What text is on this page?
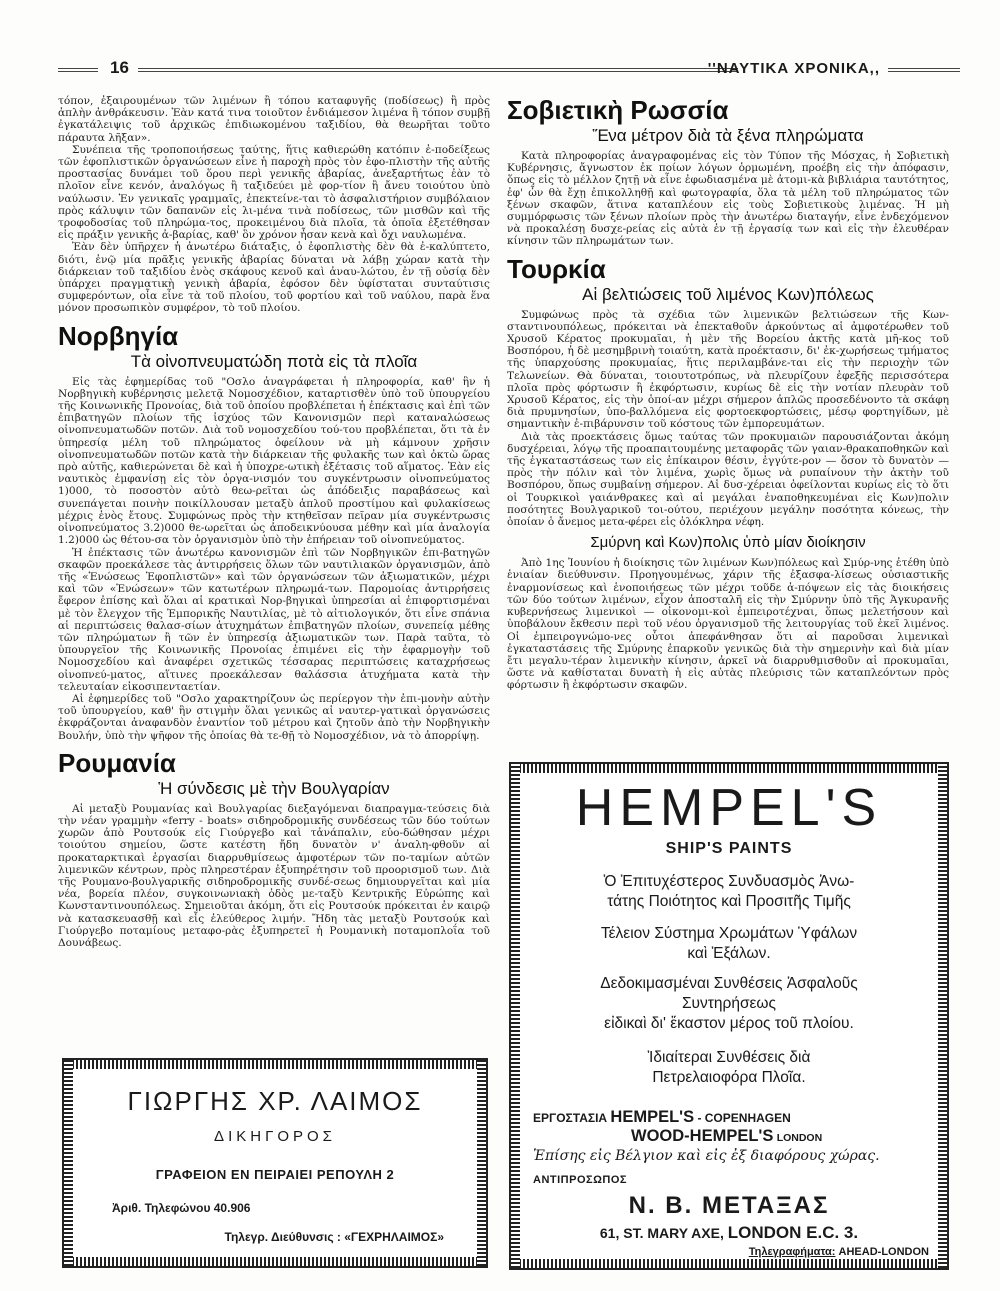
16	''ΝΑΥΤΙΚΑ ΧΡΟΝΙΚΑ,,

τόπον, ἐξαιρουμένων τῶν λιμένων ἢ τόπου καταφυγῆς (ποδίσεως) ἢ πρὸς ἀπλὴν ἀνθράκευσιν. Ἐὰν κατά τινα τοιοῦτον ἐνδιάμεσον λιμένα ἢ τόπον συμβῇ ἐγκατάλειψις τοῦ ἀρχικῶς ἐπιδιωκομένου ταξιδίου, θὰ θεωρῆται τοῦτο πάραυτα λῆξαν».

Συνέπεια τῆς τροποποιήσεως ταύτης, ἥτις καθιερώθη κατόπιν ἐ-ποδείξεως τῶν ἐφοπλιστικῶν ὀργανώσεων εἶνε ἡ παροχὴ πρὸς τὸν ἐφο-πλιστὴν τῆς αὐτῆς προστασίας δυνάμει τοῦ ὅρου περὶ γενικῆς ἀβαρίας, ἀνεξαρτήτως ἐὰν τὸ πλοῖον εἶνε κενόν, ἀναλόγως ἢ ταξιδεύει μὲ φορ-τίον ἢ ἄνευ τοιούτου ὑπὸ ναύλωσιν. Ἐν γενικαῖς γραμμαῖς, ἐπεκτείνε-ται τὸ ἀσφαλιστήριον συμβόλαιον πρὸς κάλυψιν τῶν δαπανῶν εἰς λι-μένα τινὰ ποδίσεως, τῶν μισθῶν καὶ τῆς τροφοδοσίας τοῦ πληρώμα-τος, προκειμένου διὰ πλοῖα, τὰ ὁποῖα ἐξετέθησαν εἰς πράξιν γενικῆς ἀ-βαρίας, καθ' ὃν χρόνον ἦσαν κενὰ καὶ ὄχι ναυλωμένα.

Ἐὰν δὲν ὑπῆρχεν ἡ ἀνωτέρω διάταξις, ὁ ἐφοπλιστὴς δὲν θὰ ἐ-καλύπτετο, διότι, ἐνῷ μία πρᾶξις γενικῆς ἀβαρίας δύναται νὰ λάβῃ χώραν κατὰ τὴν διάρκειαν τοῦ ταξιδίου ἑνὸς σκάφους κενοῦ καὶ ἀναυ-λώτου, ἐν τῇ οὐσίᾳ δὲν ὑπάρχει πραγματικὴ γενικὴ ἀβαρία, ἐφόσον δὲν ὑφίσταται συνταύτισις συμφερόντων, οἷα εἶνε τὰ τοῦ πλοίου, τοῦ φορτίου καὶ τοῦ ναύλου, παρὰ ἕνα μόνον προσωπικὸν συμφέρον, τὸ τοῦ πλοίου.

Νορβηγία
Τὰ οἰνοπνευματώδη ποτὰ εἰς τὰ πλοῖα

Εἰς τὰς ἐφημερίδας τοῦ "Οσλο ἀναγράφεται ἡ πληροφορία, καθ' ἣν ἡ Νορβηγικὴ κυβέρνησις μελετᾷ Νομοσχέδιον, καταρτισθὲν ὑπὸ τοῦ ὑπουργείου τῆς Κοινωνικῆς Προνοίας, διὰ τοῦ ὁποίου προβλέπεται ἡ ἐπέκτασις καὶ ἐπὶ τῶν ἐπιβατηγῶν πλοίων τῆς ἰσχύος τῶν Κανονισμῶν περὶ καταναλώσεως οἰνοπνευματωδῶν ποτῶν. Διὰ τοῦ νομοσχεδίου τού-του προβλέπεται, ὅτι τὰ ἐν ὑπηρεσίᾳ μέλη τοῦ πληρώματος ὀφείλουν νὰ μὴ κάμνουν χρῆσιν οἰνοπνευματωδῶν ποτῶν κατὰ τὴν διάρκειαν τῆς φυλακῆς των καὶ ὀκτὼ ὥρας πρὸ αὐτῆς, καθιερώνεται δὲ καὶ ἡ ὑποχρε-ωτικὴ ἐξέτασις τοῦ αἵματος. Ἐὰν εἰς ναυτικὸς ἐμφανίσῃ εἰς τὸν ὀργα-νισμόν του συγκέντρωσιν οἰνοπνεύματος 1)000, τὸ ποσοστὸν αὐτὸ θεω-ρεῖται ὡς ἀπόδειξις παραβάσεως καὶ συνεπάγεται ποινὴν ποικίλλουσαν μεταξὺ ἁπλοῦ προστίμου καὶ φυλακίσεως μέχρις ἑνὸς ἔτους. Συμφώνως πρὸς τὴν κτηθεῖσαν πεῖραν μία συγκέντρωσις οἰνοπνεύματος 3.2)000 θε-ωρεῖται ὡς ἀποδεικνύουσα μέθην καὶ μία ἀναλογία 1.2)000 ὡς θέτου-σα τὸν ὀργανισμὸν ὑπὸ τὴν ἐπήρειαν τοῦ οἰνοπνεύματος.

Ἡ ἐπέκτασις τῶν ἀνωτέρω κανονισμῶν ἐπὶ τῶν Νορβηγικῶν ἐπι-βατηγῶν σκαφῶν προεκάλεσε τὰς ἀντιρρήσεις ὅλων τῶν ναυτιλιακῶν ὀργανισμῶν, ἀπὸ τῆς «Ἑνώσεως Ἐφοπλιστῶν» καὶ τῶν ὀργανώσεων τῶν ἀξιωματικῶν, μέχρι καὶ τῶν «Ἑνώσεων» τῶν κατωτέρων πληρωμά-των. Παρομοίας ἀντιρρήσεις ἔφερον ἐπίσης καὶ ὅλαι αἱ κρατικαὶ Νορ-βηγικαὶ ὑπηρεσίαι αἱ ἐπιφορτισμέναι μὲ τὸν ἔλεγχον τῆς Ἐμπορικῆς Ναυτιλίας, μὲ τὸ αἰτιολογικόν, ὅτι εἶνε σπάνια αἱ περιπτώσεις θαλασ-σίων ἀτυχημάτων ἐπιβατηγῶν πλοίων, συνεπείᾳ μέθης τῶν πληρώματων ἢ τῶν ἐν ὑπηρεσίᾳ ἀξιωματικῶν των. Παρὰ ταῦτα, τὸ ὑπουργεῖον τῆς Κοινωνικῆς Προνοίας ἐπιμένει εἰς τὴν ἐφαρμογὴν τοῦ Νομοσχεδίου καὶ ἀναφέρει σχετικῶς τέσσαρας περιπτώσεις καταχρήσεως οἰνοπνεύ-ματος, αἵτινες προεκάλεσαν θαλάσσια ἀτυχήματα κατὰ τὴν τελευταίαν εἰκοσιπενταετίαν.

Αἱ ἐφημερίδες τοῦ "Οσλο χαρακτηρίζουν ὡς περίεργον τὴν ἐπι-μονὴν αὐτὴν τοῦ ὑπουργείου, καθ' ἣν στιγμὴν ὅλαι γενικῶς αἱ ναυτερ-γατικαὶ ὀργανώσεις ἐκφράζονται ἀναφανδὸν ἐναντίον τοῦ μέτρου καὶ ζητοῦν ἀπὸ τὴν Νορβηγικὴν Βουλήν, ὑπὸ τὴν ψῆφον τῆς ὁποίας θὰ τε-θῇ τὸ Νομοσχέδιον, νὰ τὸ ἀπορρίψῃ.

Ρουμανία
Ἡ σύνδεσις μὲ τὴν Βουλγαρίαν

Αἱ μεταξὺ Ρουμανίας καὶ Βουλγαρίας διεξαγόμεναι διαπραγμα-τεύσεις διὰ τὴν νέαν γραμμὴν «ferry - boats» σιδηροδρομικῆς συνδέσεως τῶν δύο τούτων χωρῶν ἀπὸ Ρουτσούκ εἰς Γιούργεβο καὶ τἀνάπαλιν, εὐο-δώθησαν μέχρι τοιούτου σημείου, ὥστε κατέστη ἤδη δυνατὸν ν' ἀναλη-φθοῦν αἱ προκαταρκτικαὶ ἐργασίαι διαρρυθμίσεως ἀμφοτέρων τῶν πο-ταμίων αὐτῶν λιμενικῶν κέντρων, πρὸς πληρεστέραν ἐξυπηρέτησιν τοῦ προορισμοῦ των. Διὰ τῆς Ρουμανο-βουλγαρικῆς σιδηροδρομικῆς συνδέ-σεως δημιουργεῖται καὶ μία νέα, βορεία πλέον, συγκοινωνιακὴ ὁδὸς με-ταξὺ Κεντρικῆς Εὐρώπης καὶ Κωνσταντινουπόλεως. Σημειοῦται ἀκόμη, ὅτι εἰς Ρουτσούκ πρόκειται ἐν καιρῷ νὰ κατασκευασθῇ καὶ εἷς ἐλεύθερος λιμήν. Ἤδη τὰς μεταξὺ Ρουτσούκ καὶ Γιούργεβο ποταμίους μεταφο-ρὰς ἐξυπηρετεῖ ἡ Ρουμανικὴ ποταμοπλοΐα τοῦ Δουνάβεως.

Σοβιετικὴ Ρωσσία
Ἕνα μέτρον διὰ τὰ ξένα πληρώματα

Κατὰ πληροφορίας ἀναγραφομένας εἰς τὸν Τύπον τῆς Μόσχας, ἡ Σοβιετικὴ Κυβέρνησις, ἄγνωστον ἐκ ποίων λόγων ὁρμωμένη, προέβη εἰς τὴν ἀπόφασιν, ὅπως εἰς τὸ μέλλον ζητῇ νὰ εἶνε ἐφωδιασμένα μὲ ἀτομι-κὰ βιβλιάρια ταυτότητος, ἐφ' ὧν θὰ ἔχῃ ἐπικολληθῇ καὶ φωτογραφία, ὅλα τὰ μέλη τοῦ πληρώματος τῶν ξένων σκαφῶν, ἅτινα καταπλέουν εἰς τοὺς Σοβιετικοὺς λιμένας. Ἡ μὴ συμμόρφωσις τῶν ξένων πλοίων πρὸς τὴν ἀνωτέρω διαταγήν, εἶνε ἐνδεχόμενον νὰ προκαλέσῃ δυσχε-ρείας εἰς αὐτὰ ἐν τῇ ἐργασίᾳ των καὶ εἰς τὴν ἐλευθέραν κίνησιν τῶν πληρωμάτων των.

Τουρκία
Αἱ βελτιώσεις τοῦ λιμένος Κων)πόλεως

Συμφώνως πρὸς τὰ σχέδια τῶν λιμενικῶν βελτιώσεων τῆς Κων-σταντινουπόλεως, πρόκειται νὰ ἐπεκταθοῦν ἀρκούντως αἱ ἀμφοτέρωθεν τοῦ Χρυσοῦ Κέρατος προκυμαῖαι, ἡ μὲν τῆς Βορείου ἀκτῆς κατὰ μῆ-κος τοῦ Βοσπόρου, ἡ δὲ μεσημβρινὴ τοιαύτη, κατὰ προέκτασιν, δι' ἐκ-χωρήσεως τμήματος τῆς ὑπαρχούσης προκυμαίας, ἥτις περιλαμβάνε-ται εἰς τὴν περιοχὴν τῶν Τελωνείων. Θὰ δύναται, τοιουτοτρόπως, νὰ πλευρίζουν ἐφεξῆς περισσότερα πλοῖα πρὸς φόρτωσιν ἢ ἐκφόρτωσιν, κυρίως δὲ εἰς τὴν νοτίαν πλευρὰν τοῦ Χρυσοῦ Κέρατος, εἰς τὴν ὁποί-αν μέχρι σήμερον ἀπλῶς προσεδένοντο τὰ σκάφη διὰ πρυμνησίων, ὑπο-βαλλόμενα εἰς φορτοεκφορτώσεις, μέσῳ φορτηγίδων, μὲ σημαντικὴν ἐ-πιβάρυνσιν τοῦ κόστους τῶν ἐμπορευμάτων.

Διὰ τὰς προεκτάσεις ὅμως ταύτας τῶν προκυμαιῶν παρουσιάζονται ἀκόμη δυσχέρειαι, λόγῳ τῆς προαπαιτουμένης μεταφορᾶς τῶν γαιαν-θρακαποθηκῶν καὶ τῆς ἐγκαταστάσεως των εἰς ἐπίκαιρον θέσιν, ἐγγύτε-ρον — ὅσον τὸ δυνατὸν — πρὸς τὴν πόλιν καὶ τὸν λιμένα, χωρὶς ὅμως νὰ ρυπαίνουν τὴν ἀκτὴν τοῦ Βοσπόρου, ὅπως συμβαίνῃ σήμερον. Αἱ δυσ-χέρειαι ὀφείλονται κυρίως εἰς τὸ ὅτι οἱ Τουρκικοὶ γαιάνθρακες καὶ αἱ μεγάλαι ἐναποθηκευμέναι εἰς Κων)πολιν ποσότητες Βουλγαρικοῦ τοι-ούτου, περιέχουν μεγάλην ποσότητα κόνεως, τὴν ὁποίαν ὁ ἄνεμος μετα-φέρει εἰς ὁλόκληρα νέφη.

Σμύρνη καὶ Κων)πολις ὑπὸ μίαν διοίκησιν

Ἀπὸ 1ης Ἰουνίου ἡ διοίκησις τῶν λιμένων Κων)πόλεως καὶ Σμύρ-νης ἐτέθη ὑπὸ ἑνιαίαν διεύθυνσιν. Προηγουμένως, χάριν τῆς ἐξασφα-λίσεως οὐσιαστικῆς ἐναρμονίσεως καὶ ἑνοποιήσεως τῶν μέχρι τοῦδε ἀ-πόψεων εἰς τὰς διοικήσεις τῶν δύο τούτων λιμένων, εἶχον ἀποσταλῆ εἰς τὴν Σμύρνην ὑπὸ τῆς Ἀγκυρανῆς κυβερνήσεως λιμενικοὶ — οἰκονομι-κοὶ ἐμπειροτέχναι, ὅπως μελετήσουν καὶ ὑποβάλουν ἔκθεσιν περὶ τοῦ νέου ὀργανισμοῦ τῆς λειτουργίας τοῦ ἐκεῖ λιμένος. Οἱ ἐμπειρογνώμο-νες οὗτοι ἀπεφάνθησαν ὅτι αἱ παροῦσαι λιμενικαὶ ἐγκαταστάσεις τῆς Σμύρνης ἐπαρκοῦν γενικῶς διὰ τὴν σημερινὴν καὶ διὰ μίαν ἔτι μεγαλυ-τέραν λιμενικὴν κίνησιν, ἀρκεῖ νὰ διαρρυθμισθοῦν αἱ προκυμαῖαι, ὥστε νὰ καθίσταται δυνατὴ ἡ εἰς αὐτὰς πλεύρισις τῶν καταπλεόντων πρὸς φόρτωσιν ἢ ἐκφόρτωσιν σκαφῶν.

ΓΙΩΡΓΗΣ ΧΡ. ΛΑΙΜΟΣ
ΔΙΚΗΓΟΡΟΣ
ΓΡΑΦΕΙΟΝ ΕΝ ΠΕΙΡΑΙΕΙ ΡΕΠΟΥΛΗ 2
Ἀριθ. Τηλεφώνου 40.906
Τηλεγρ. Διεύθυνσις : «ΓΕΧΡΗΛΑΙΜΟΣ»
HEMPEL'S
SHIP'S PAINTS
Ὁ Ἐπιτυχέστερος Συνδυασμὸς Ἀνω-
τάτης Ποιότητος καὶ Προσιτῆς Τιμῆς
Τέλειον Σύστημα Χρωμάτων Ὑφάλων
καὶ Ἐξάλων.
Δεδοκιμασμέναι Συνθέσεις Ἀσφαλοῦς
Συντηρήσεως
εἰδικαὶ δι' ἕκαστον μέρος τοῦ πλοίου.
Ἰδιαίτεραι Συνθέσεις διὰ
Πετρελαιοφόρα Πλοῖα.
ΕΡΓΟΣΤΑΣΙΑ HEMPEL'S - COPENHAGEN
WOOD-HEMPEL'S LONDON
Ἐπίσης εἰς Βέλγιον καὶ εἰς ἐξ διαφόρους χώρας.
ΑΝΤΙΠΡΟΣΩΠΟΣ
N. B. ΜΕΤΑΞΑΣ
61, ST. MARY AXE, LONDON E.C. 3.
Τηλεγραφήματα: AHEAD-LONDON
